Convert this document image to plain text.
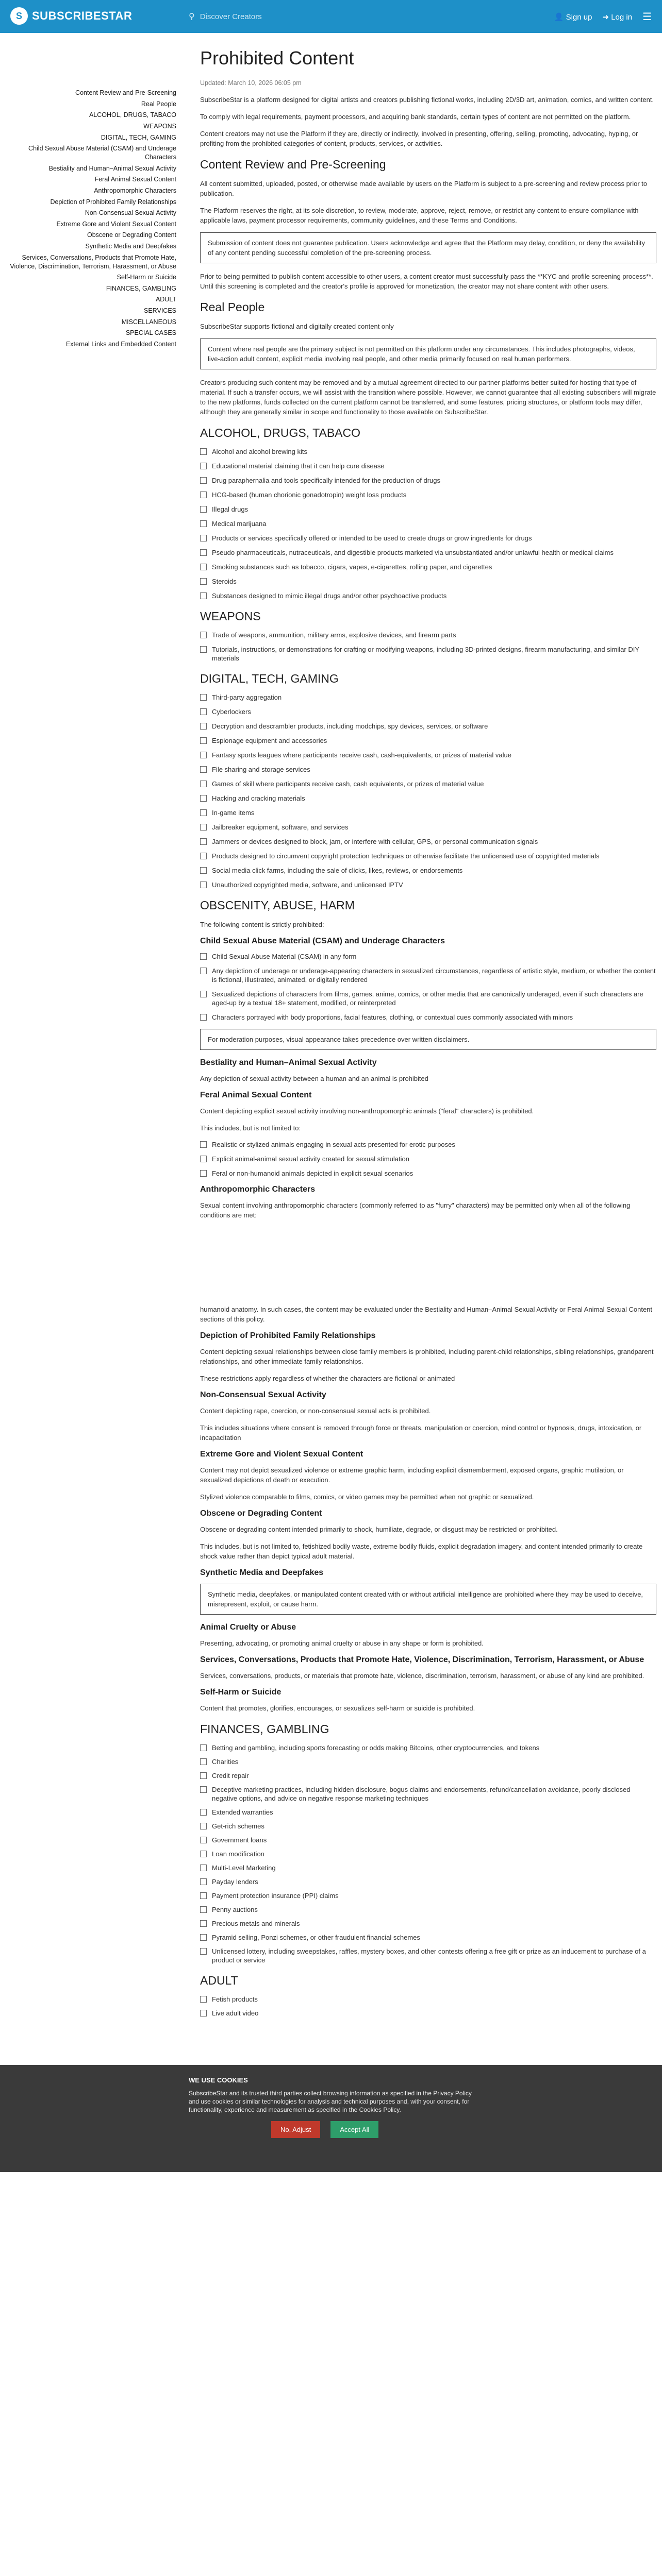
S SUBSCRIBESTAR	⚲
Discover Creators	👤 Sign up ➜ Log in ☰
Content Review and Pre-Screening
Real People
ALCOHOL, DRUGS, TABACO
WEAPONS
DIGITAL, TECH, GAMING
Child Sexual Abuse Material (CSAM) and Underage Characters
Bestiality and Human–Animal Sexual Activity
Feral Animal Sexual Content
Anthropomorphic Characters
Depiction of Prohibited Family Relationships
Non-Consensual Sexual Activity
Extreme Gore and Violent Sexual Content
Obscene or Degrading Content
Synthetic Media and Deepfakes
Services, Conversations, Products that Promote Hate, Violence, Discrimination, Terrorism, Harassment, or Abuse
Self-Harm or Suicide
FINANCES, GAMBLING
ADULT
SERVICES
MISCELLANEOUS
SPECIAL CASES
External Links and Embedded Content
Prohibited Content
Updated: March 10, 2026 06:05 pm

SubscribeStar is a platform designed for digital artists and creators publishing fictional works, including 2D/3D art, animation, comics, and written content.

To comply with legal requirements, payment processors, and acquiring bank standards, certain types of content are not permitted on the platform.

Content creators may not use the Platform if they are, directly or indirectly, involved in presenting, offering, selling, promoting, advocating, hyping, or profiting from the prohibited categories of content, products, services, or activities.

Content Review and Pre-Screening

All content submitted, uploaded, posted, or otherwise made available by users on the Platform is subject to a pre-screening and review process prior to publication.

The Platform reserves the right, at its sole discretion, to review, moderate, approve, reject, remove, or restrict any content to ensure compliance with applicable laws, payment processor requirements, community guidelines, and these Terms and Conditions.

Submission of content does not guarantee publication. Users acknowledge and agree that the Platform may delay, condition, or deny the availability of any content pending successful completion of the pre-screening process.

Prior to being permitted to publish content accessible to other users, a content creator must successfully pass the **KYC and profile screening process**. Until this screening is completed and the creator's profile is approved for monetization, the creator may not share content with other users.

Real People

SubscribeStar supports fictional and digitally created content only

Content where real people are the primary subject is not permitted on this platform under any circumstances. This includes photographs, videos, live-action adult content, explicit media involving real people, and other media primarily focused on real human performers.

Creators producing such content may be removed and by a mutual agreement directed to our partner platforms better suited for hosting that type of material. If such a transfer occurs, we will assist with the transition where possible. However, we cannot guarantee that all existing subscribers will migrate to the new platforms, funds collected on the current platform cannot be transferred, and some features, pricing structures, or platform tools may differ, although they are generally similar in scope and functionality to those available on SubscribeStar.

ALCOHOL, DRUGS, TABACO
Alcohol and alcohol brewing kits
Educational material claiming that it can help cure disease
Drug paraphernalia and tools specifically intended for the production of drugs
HCG-based (human chorionic gonadotropin) weight loss products
Illegal drugs
Medical marijuana
Products or services specifically offered or intended to be used to create drugs or grow ingredients for drugs
Pseudo pharmaceuticals, nutraceuticals, and digestible products marketed via unsubstantiated and/or unlawful health or medical claims
Smoking substances such as tobacco, cigars, vapes, e-cigarettes, rolling paper, and cigarettes
Steroids
Substances designed to mimic illegal drugs and/or other psychoactive products
WEAPONS
Trade of weapons, ammunition, military arms, explosive devices, and firearm parts
Tutorials, instructions, or demonstrations for crafting or modifying weapons, including 3D-printed designs, firearm manufacturing, and similar DIY materials
DIGITAL, TECH, GAMING
Third-party aggregation
Cyberlockers
Decryption and descrambler products, including modchips, spy devices, services, or software
Espionage equipment and accessories
Fantasy sports leagues where participants receive cash, cash-equivalents, or prizes of material value
File sharing and storage services
Games of skill where participants receive cash, cash equivalents, or prizes of material value
Hacking and cracking materials
In-game items
Jailbreaker equipment, software, and services
Jammers or devices designed to block, jam, or interfere with cellular, GPS, or personal communication signals
Products designed to circumvent copyright protection techniques or otherwise facilitate the unlicensed use of copyrighted materials
Social media click farms, including the sale of clicks, likes, reviews, or endorsements
Unauthorized copyrighted media, software, and unlicensed IPTV
OBSCENITY, ABUSE, HARM

The following content is strictly prohibited:

Child Sexual Abuse Material (CSAM) and Underage Characters
Child Sexual Abuse Material (CSAM) in any form
Any depiction of underage or underage-appearing characters in sexualized circumstances, regardless of artistic style, medium, or whether the content is fictional, illustrated, animated, or digitally rendered
Sexualized depictions of characters from films, games, anime, comics, or other media that are canonically underaged, even if such characters are aged-up by a textual 18+ statement, modified, or reinterpreted
Characters portrayed with body proportions, facial features, clothing, or contextual cues commonly associated with minors
For moderation purposes, visual appearance takes precedence over written disclaimers.
Bestiality and Human–Animal Sexual Activity

Any depiction of sexual activity between a human and an animal is prohibited

Feral Animal Sexual Content

Content depicting explicit sexual activity involving non-anthropomorphic animals ("feral" characters) is prohibited.

This includes, but is not limited to:

Realistic or stylized animals engaging in sexual acts presented for erotic purposes
Explicit animal-animal sexual activity created for sexual stimulation
Feral or non-humanoid animals depicted in explicit sexual scenarios
Anthropomorphic Characters

Sexual content involving anthropomorphic characters (commonly referred to as "furry" characters) may be permitted only when all of the following conditions are met:

humanoid anatomy. In such cases, the content may be evaluated under the Bestiality and Human–Animal Sexual Activity or Feral Animal Sexual Content sections of this policy.

Depiction of Prohibited Family Relationships

Content depicting sexual relationships between close family members is prohibited, including parent-child relationships, sibling relationships, grandparent relationships, and other immediate family relationships.

These restrictions apply regardless of whether the characters are fictional or animated

Non-Consensual Sexual Activity

Content depicting rape, coercion, or non-consensual sexual acts is prohibited.

This includes situations where consent is removed through force or threats, manipulation or coercion, mind control or hypnosis, drugs, intoxication, or incapacitation

Extreme Gore and Violent Sexual Content

Content may not depict sexualized violence or extreme graphic harm, including explicit dismemberment, exposed organs, graphic mutilation, or sexualized depictions of death or execution.

Stylized violence comparable to films, comics, or video games may be permitted when not graphic or sexualized.

Obscene or Degrading Content

Obscene or degrading content intended primarily to shock, humiliate, degrade, or disgust may be restricted or prohibited.

This includes, but is not limited to, fetishized bodily waste, extreme bodily fluids, explicit degradation imagery, and content intended primarily to create shock value rather than depict typical adult material.

Synthetic Media and Deepfakes
Synthetic media, deepfakes, or manipulated content created with or without artificial intelligence are prohibited where they may be used to deceive, misrepresent, exploit, or cause harm.
Animal Cruelty or Abuse

Presenting, advocating, or promoting animal cruelty or abuse in any shape or form is prohibited.

Services, Conversations, Products that Promote Hate, Violence, Discrimination, Terrorism, Harassment, or Abuse

Services, conversations, products, or materials that promote hate, violence, discrimination, terrorism, harassment, or abuse of any kind are prohibited.

Self-Harm or Suicide

Content that promotes, glorifies, encourages, or sexualizes self-harm or suicide is prohibited.

FINANCES, GAMBLING
Betting and gambling, including sports forecasting or odds making Bitcoins, other cryptocurrencies, and tokens
Charities
Credit repair
Deceptive marketing practices, including hidden disclosure, bogus claims and endorsements, refund/cancellation avoidance, poorly disclosed negative options, and advice on negative response marketing techniques
Extended warranties
Get-rich schemes
Government loans
Loan modification
Multi-Level Marketing
Payday lenders
Payment protection insurance (PPI) claims
Penny auctions
Precious metals and minerals
Pyramid selling, Ponzi schemes, or other fraudulent financial schemes
Unlicensed lottery, including sweepstakes, raffles, mystery boxes, and other contests offering a free gift or prize as an inducement to purchase of a product or service
ADULT
Fetish products
Live adult video
WE USE COOKIES

SubscribeStar and its trusted third parties collect browsing information as specified in the Privacy Policy and use cookies or similar technologies for analysis and technical purposes and, with your consent, for functionality, experience and measurement as specified in the Cookies Policy.

No, Adjust	Accept All
